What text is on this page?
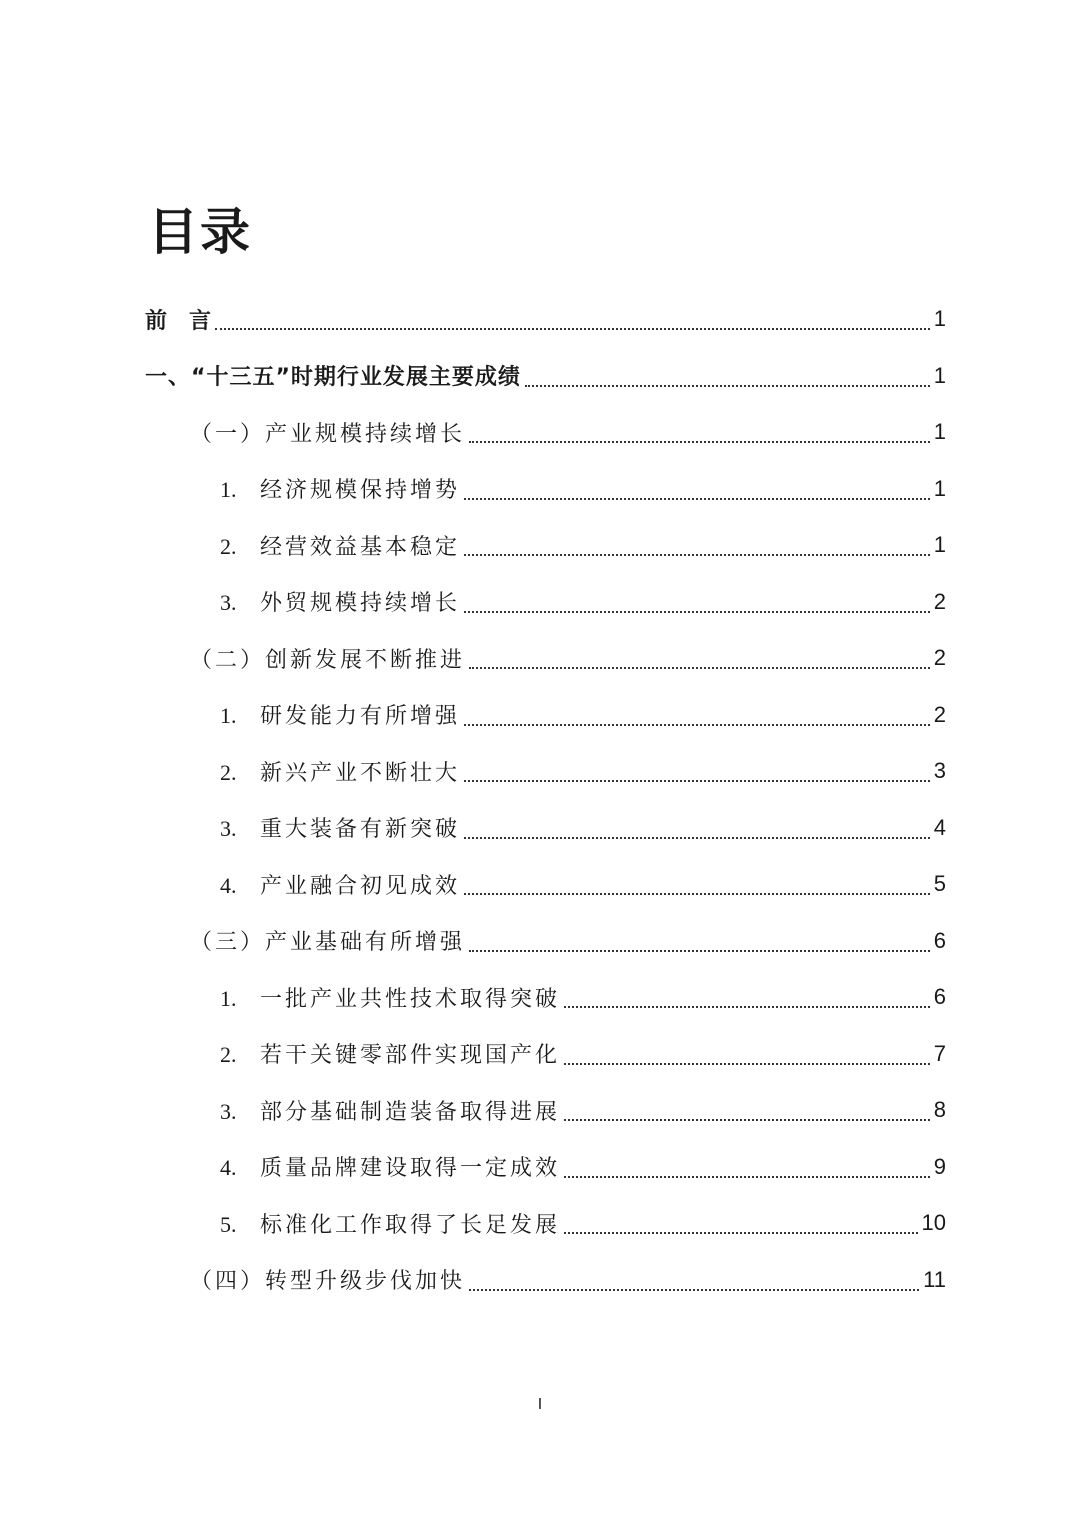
目录
前　言	1
一、“十三五”时期行业发展主要成绩	1
（一）产业规模持续增长	1
1. 经济规模保持增势	1
2. 经营效益基本稳定	1
3. 外贸规模持续增长	2
（二）创新发展不断推进	2
1. 研发能力有所增强	2
2. 新兴产业不断壮大	3
3. 重大装备有新突破	4
4. 产业融合初见成效	5
（三）产业基础有所增强	6
1. 一批产业共性技术取得突破	6
2. 若干关键零部件实现国产化	7
3. 部分基础制造装备取得进展	8
4. 质量品牌建设取得一定成效	9
5. 标准化工作取得了长足发展	10
（四）转型升级步伐加快	11
I
